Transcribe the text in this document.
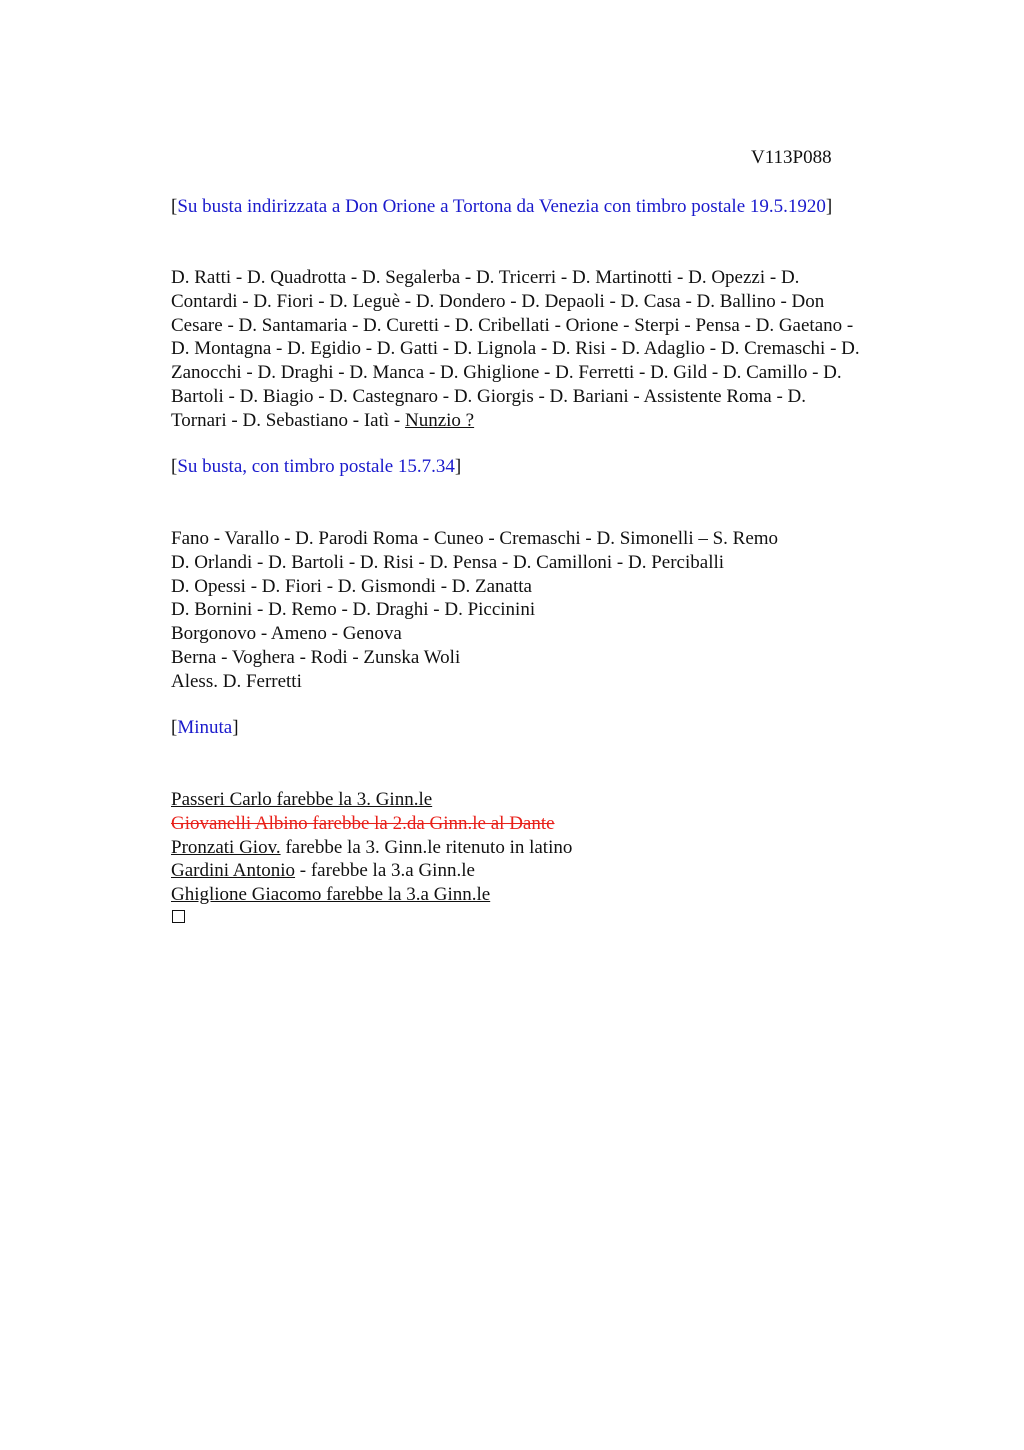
V113P088
[Su busta indirizzata a Don Orione a Tortona da Venezia con timbro postale 19.5.1920]
D. Ratti - D. Quadrotta - D. Segalerba - D. Tricerri - D. Martinotti - D. Opezzi - D.
Contardi - D. Fiori - D. Leguè - D. Dondero - D. Depaoli - D. Casa - D. Ballino - Don
Cesare - D. Santamaria - D. Curetti - D. Cribellati - Orione - Sterpi - Pensa - D. Gaetano -
D. Montagna - D. Egidio - D. Gatti - D. Lignola - D. Risi - D. Adaglio - D. Cremaschi - D.
Zanocchi - D. Draghi - D. Manca - D. Ghiglione - D. Ferretti - D. Gild - D. Camillo - D.
Bartoli - D. Biagio - D. Castegnaro - D. Giorgis - D. Bariani - Assistente Roma - D.
Tornari - D. Sebastiano - Iatì - Nunzio ?
[Su busta, con timbro postale 15.7.34]
Fano - Varallo - D. Parodi Roma - Cuneo - Cremaschi - D. Simonelli – S. Remo
D. Orlandi - D. Bartoli - D. Risi - D. Pensa - D. Camilloni - D. Perciballi
D. Opessi - D. Fiori - D. Gismondi - D. Zanatta
D. Bornini - D. Remo - D. Draghi - D. Piccinini
Borgonovo - Ameno - Genova
Berna - Voghera - Rodi - Zunska Woli
Aless. D. Ferretti
[Minuta]
Passeri Carlo farebbe la 3. Ginn.le
Giovanelli Albino farebbe la 2.da Ginn.le al Dante
Pronzati Giov. farebbe la 3. Ginn.le ritenuto in latino
Gardini Antonio - farebbe la 3.a Ginn.le
Ghiglione Giacomo farebbe la 3.a Ginn.le
